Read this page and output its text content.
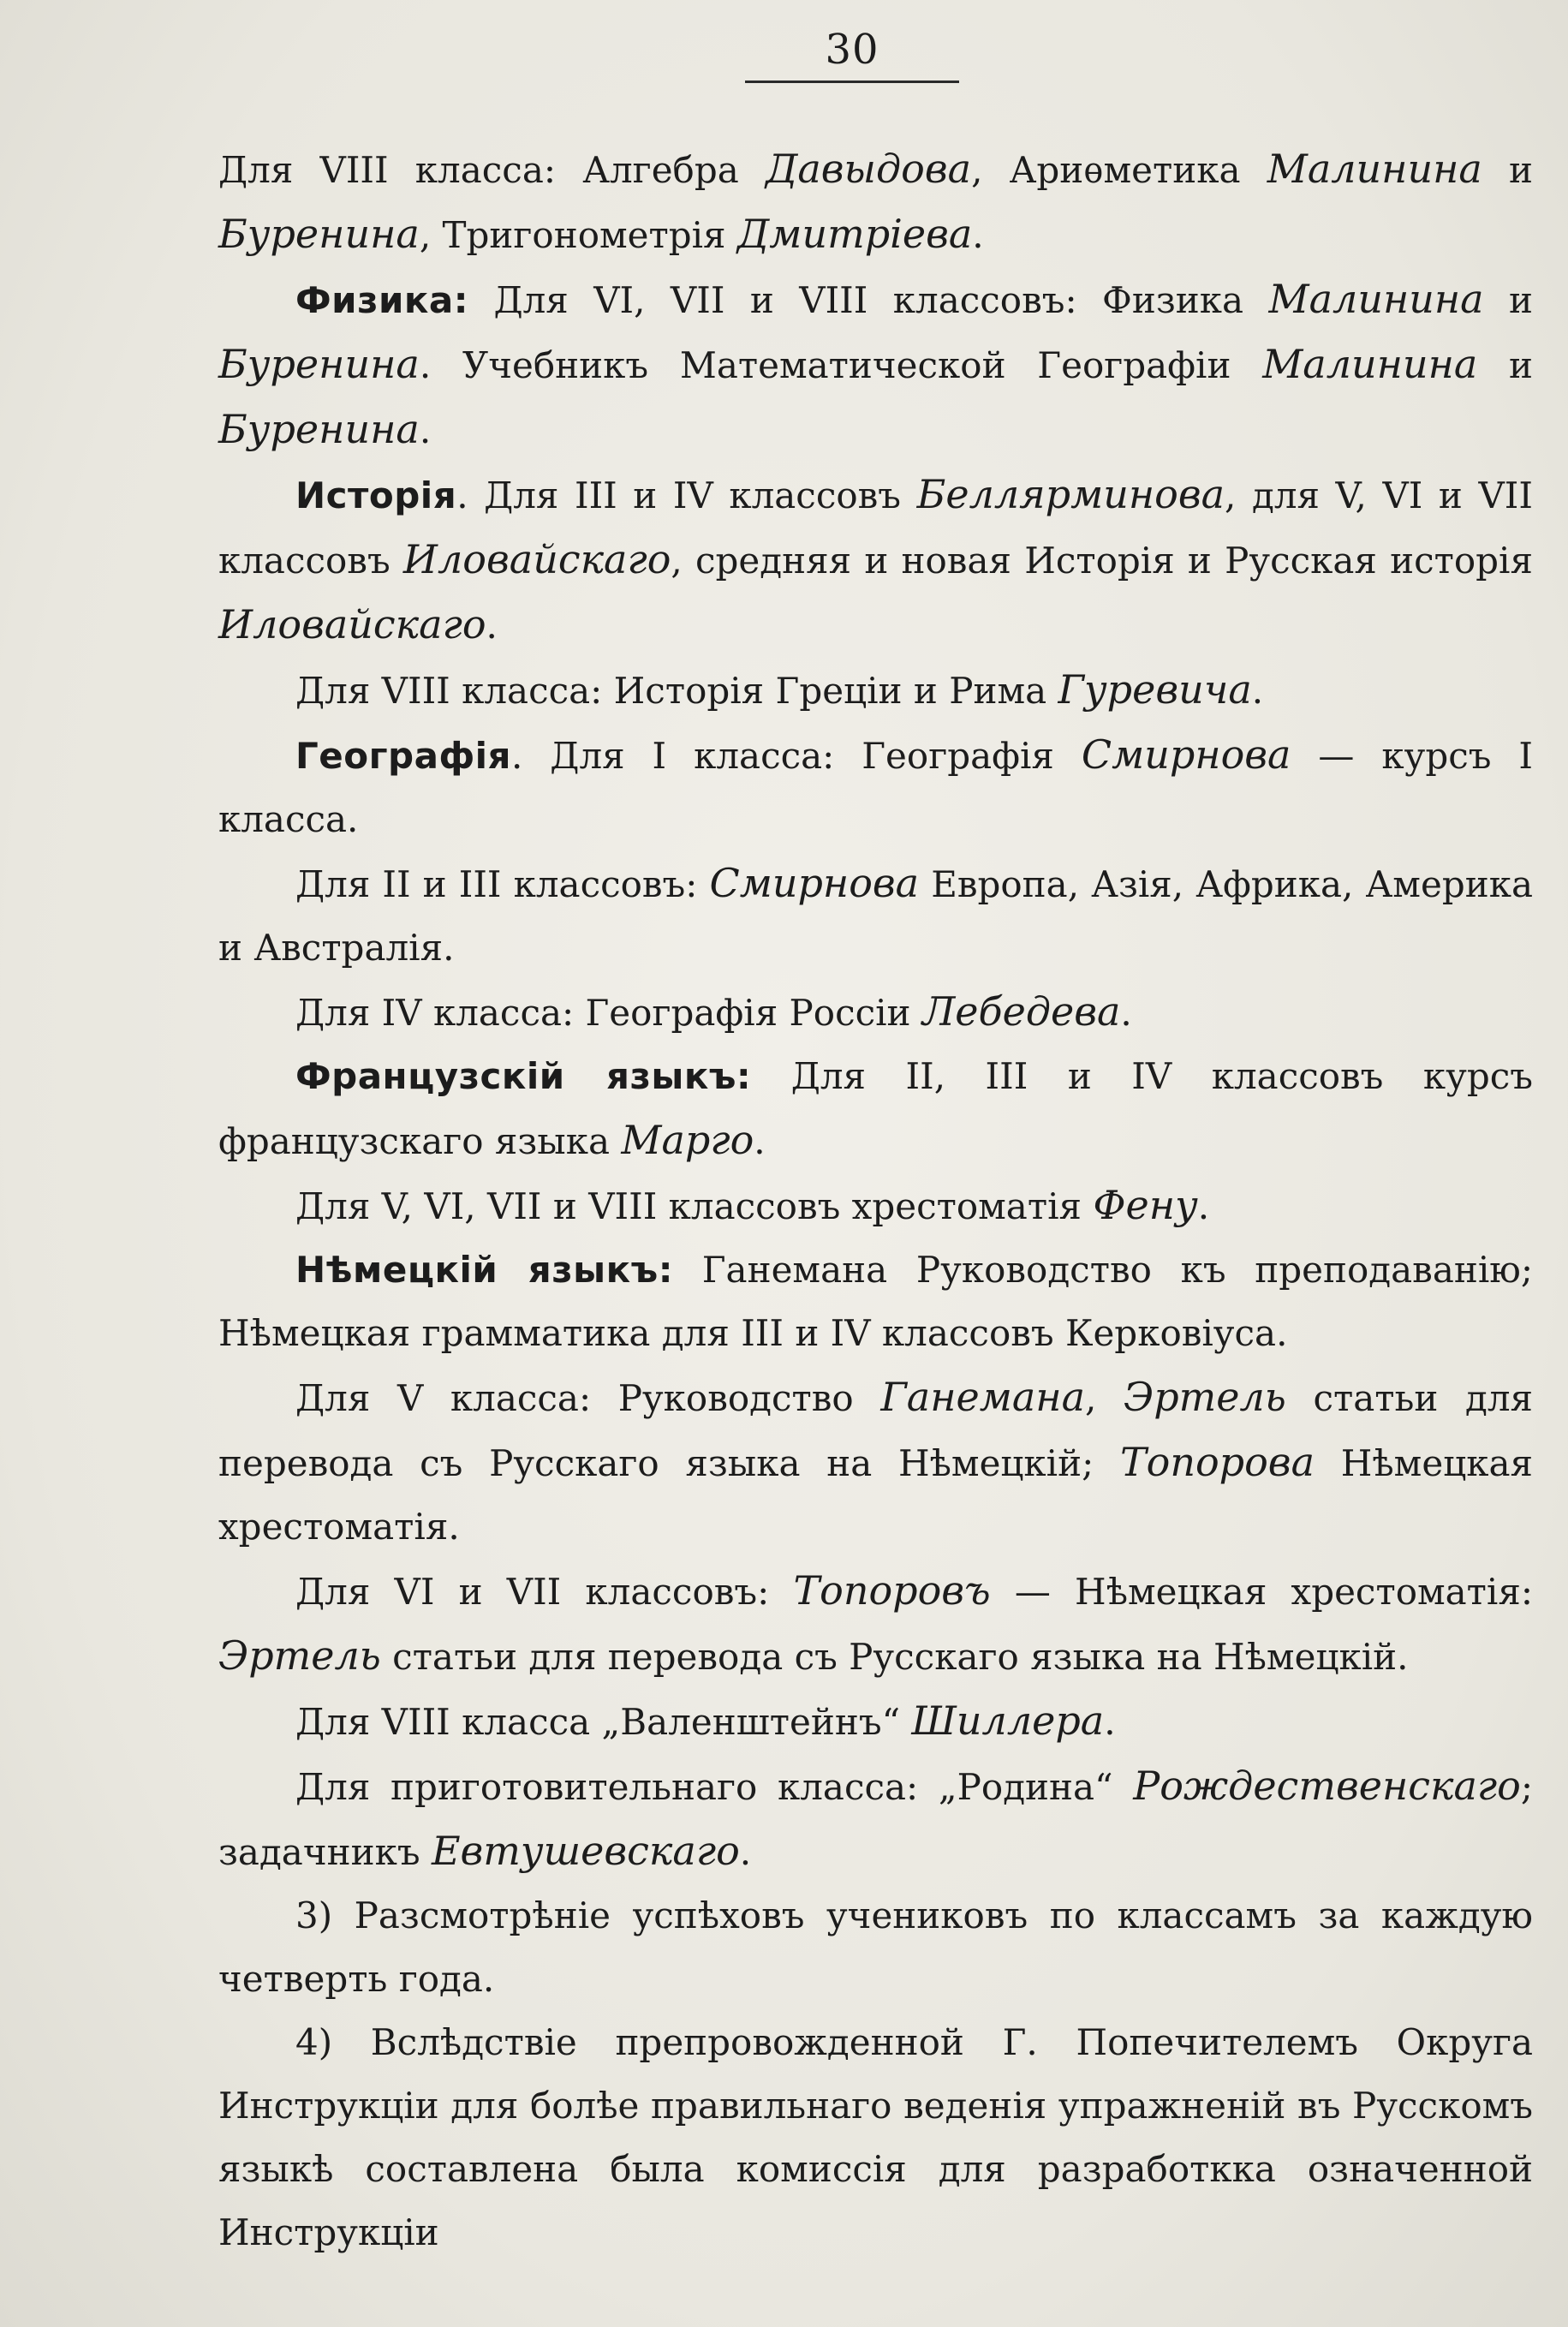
30

Для VIII класса: Алгебра Давыдова, Ариѳметика Малинина и Буренина, Тригонометрія Дмитріева.

Физика: Для VI, VII и VIII классовъ: Физика Малинина и Буренина. Учебникъ Математической Географіи Малинина и Буренина.

Исторія. Для III и IV классовъ Беллярминова, для V, VI и VII классовъ Иловайскаго, средняя и новая Исторія и Русская исторія Иловайскаго.

Для VIII класса: Исторія Греціи и Рима Гуревича.

Географія. Для I класса: Географія Смирнова — курсъ I класса.

Для II и III классовъ: Смирнова Европа, Азія, Африка, Америка и Австралія.

Для IV класса: Географія Россіи Лебедева.

Французскій языкъ: Для II, III и IV классовъ курсъ французскаго языка Марго.

Для V, VI, VII и VIII классовъ хрестоматія Фену.

Нѣмецкій языкъ: Ганемана Руководство къ преподаванію; Нѣмецкая грамматика для III и IV классовъ Керковіуса.

Для V класса: Руководство Ганемана, Эртель статьи для перевода съ Русскаго языка на Нѣмецкій; Топорова Нѣмецкая хрестоматія.

Для VI и VII классовъ: Топоровъ — Нѣмецкая хрестоматія: Эртель статьи для перевода съ Русскаго языка на Нѣмецкій.

Для VIII класса „Валенштейнъ“ Шиллера.

Для приготовительнаго класса: „Родина“ Рождественскаго; задачникъ Евтушевскаго.

3) Разсмотрѣніе успѣховъ учениковъ по классамъ за каждую четверть года.

4) Вслѣдствіе препровожденной Г. Попечителемъ Округа Инструкціи для болѣе правильнаго веденія упражненій въ Русскомъ языкѣ составлена была комиссія для разработкка означенной Инструкціи
